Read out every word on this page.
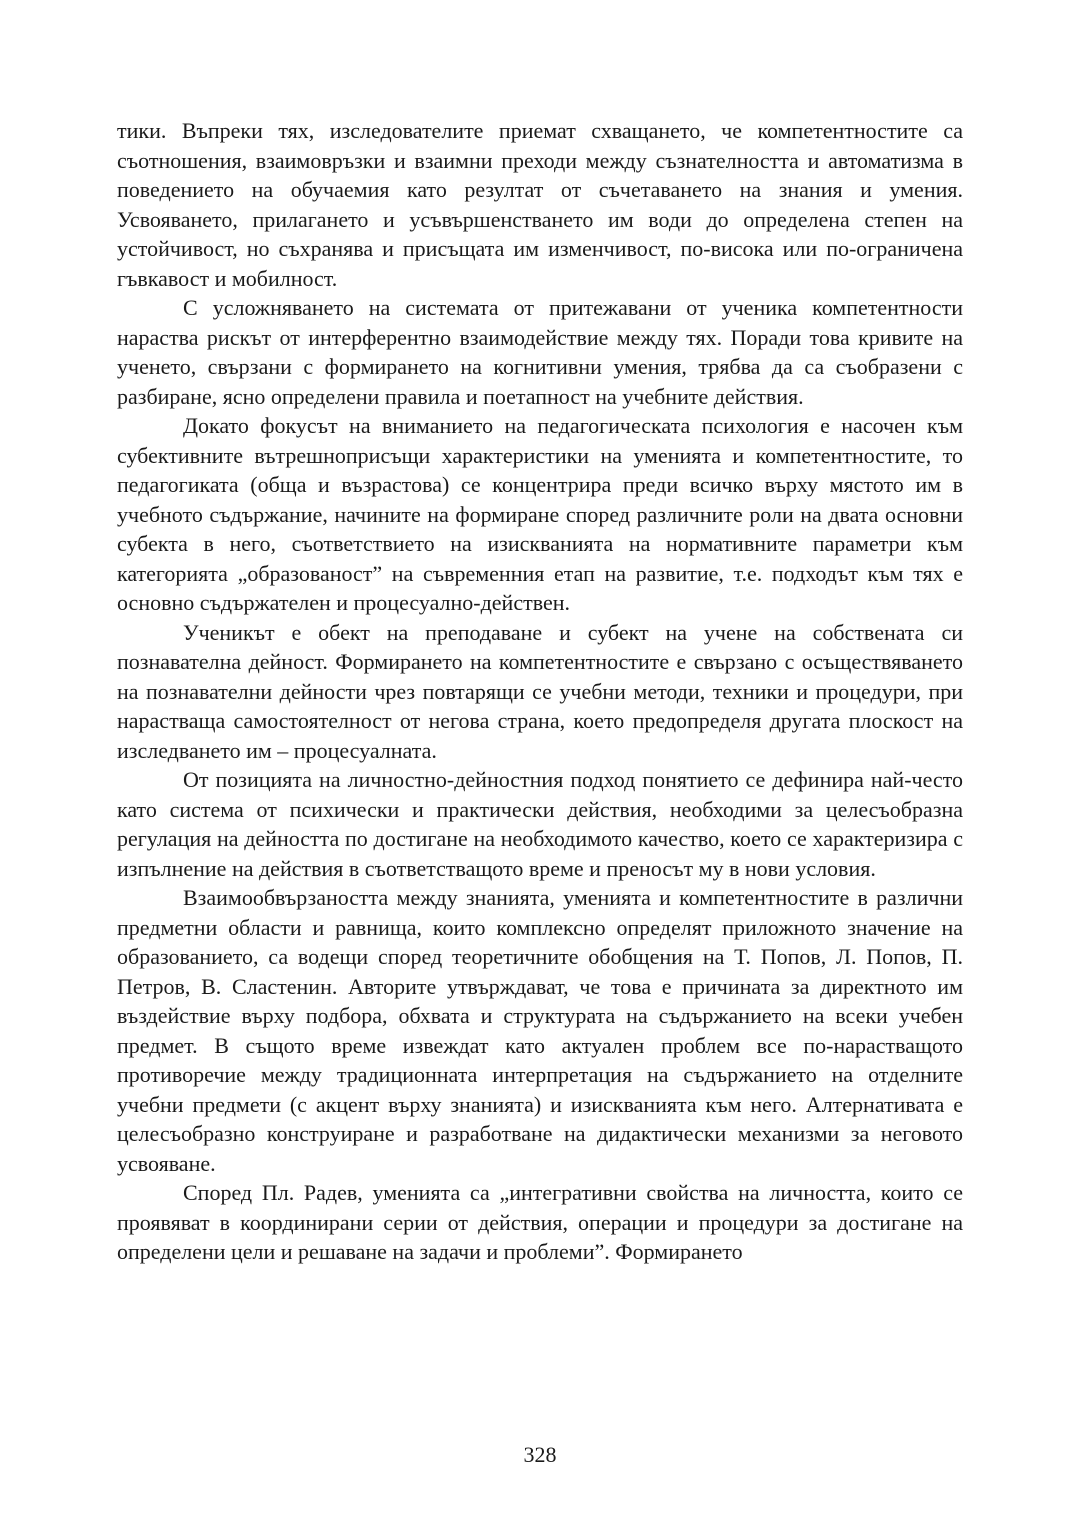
тики. Въпреки тях, изследователите приемат схващането, че компетентностите са съотношения, взаимовръзки и взаимни преходи между съзнателността и автоматизма в поведението на обучаемия като резултат от съчетаването на знания и умения. Усвояването, прилагането и усъвършенстването им води до определена степен на устойчивост, но съхранява и присъщата им изменчивост, по-висока или по-ограничена гъвкавост и мобилност.

С усложняването на системата от притежавани от ученика компетентности нараства рискът от интерферентно взаимодействие между тях. Поради това кривите на ученето, свързани с формирането на когнитивни умения, трябва да са съобразени с разбиране, ясно определени правила и поетапност на учебните действия.

Докато фокусът на вниманието на педагогическата психология е насочен към субективните вътрешноприсъщи характеристики на уменията и компетентностите, то педагогиката (обща и възрастова) се концентрира преди всичко върху мястото им в учебното съдържание, начините на формиране според различните роли на двата основни субекта в него, съответствието на изискванията на нормативните параметри към категорията „образованост” на съвременния етап на развитие, т.е. подходът към тях е основно съдържателен и процесуално-действен.

Ученикът е обект на преподаване и субект на учене на собствената си познавателна дейност. Формирането на компетентностите е свързано с осъществяването на познавателни дейности чрез повтарящи се учебни методи, техники и процедури, при нарастваща самостоятелност от негова страна, което предопределя другата плоскост на изследването им – процесуалната.

От позицията на личностно-дейностния подход понятието се дефинира най-често като система от психически и практически действия, необходими за целесъобразна регулация на дейността по достигане на необходимото качество, което се характеризира с изпълнение на действия в съответстващото време и преносът му в нови условия.

Взаимообвързаността между знанията, уменията и компетентностите в различни предметни области и равнища, които комплексно определят приложното значение на образованието, са водещи според теоретичните обобщения на Т. Попов, Л. Попов, П. Петров, В. Сластенин. Авторите утвърждават, че това е причината за директното им въздействие върху подбора, обхвата и структурата на съдържанието на всеки учебен предмет. В същото време извеждат като актуален проблем все по-нарастващото противоречие между традиционната интерпретация на съдържанието на отделните учебни предмети (с акцент върху знанията) и изискванията към него. Алтернативата е целесъобразно конструиране и разработване на дидактически механизми за неговото усвояване.

Според Пл. Радев, уменията са „интегративни свойства на личността, които се проявяват в координирани серии от действия, операции и процедури за достигане на определени цели и решаване на задачи и проблеми”. Формирането

328
